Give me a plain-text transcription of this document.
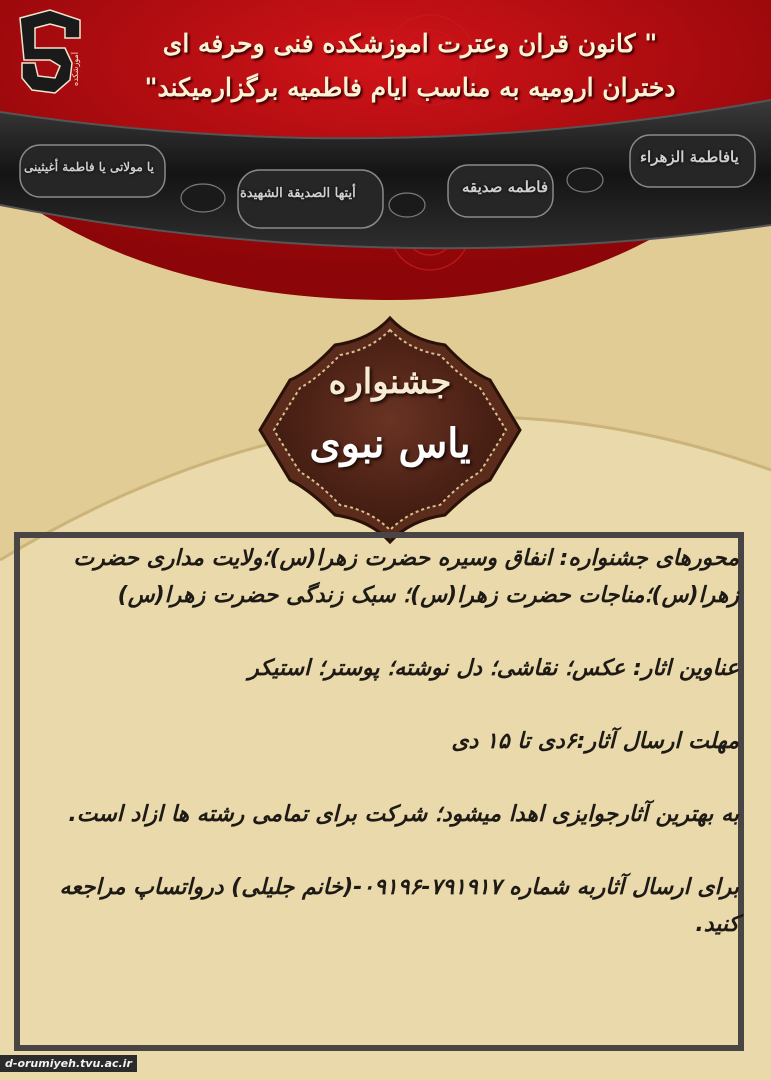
آموزشکده
" کانون قران وعترت اموزشکده فنی وحرفه ای
دختران ارومیه به مناسب ایام فاطمیه برگزارمیکند"
یافاطمة الزهراء
فاطمه صدیقه
أیتها الصدیقة الشهیدة
یا مولاتی یا فاطمة أغیثینی
جشنواره
یاس نبوی

محورهای جشنواره: انفاق وسیره حضرت زهرا(س)؛ولایت مداری حضرت زهرا(س)؛مناجات حضرت زهرا(س)؛ سبک زندگی حضرت زهرا(س)

عناوین اثار: عکس؛ نقاشی؛ دل نوشته؛ پوستر؛ استیکر

مهلت ارسال آثار:۶دی تا ۱۵ دی

به بهترین آثارجوایزی اهدا میشود؛ شرکت برای تمامی رشته ها ازاد است.

برای ارسال آثاربه شماره ۷۹۱۹۱۷-۰۹۱۹۶-(خانم جلیلی) درواتساپ مراجعه کنید.

d-orumiyeh.tvu.ac.ir
